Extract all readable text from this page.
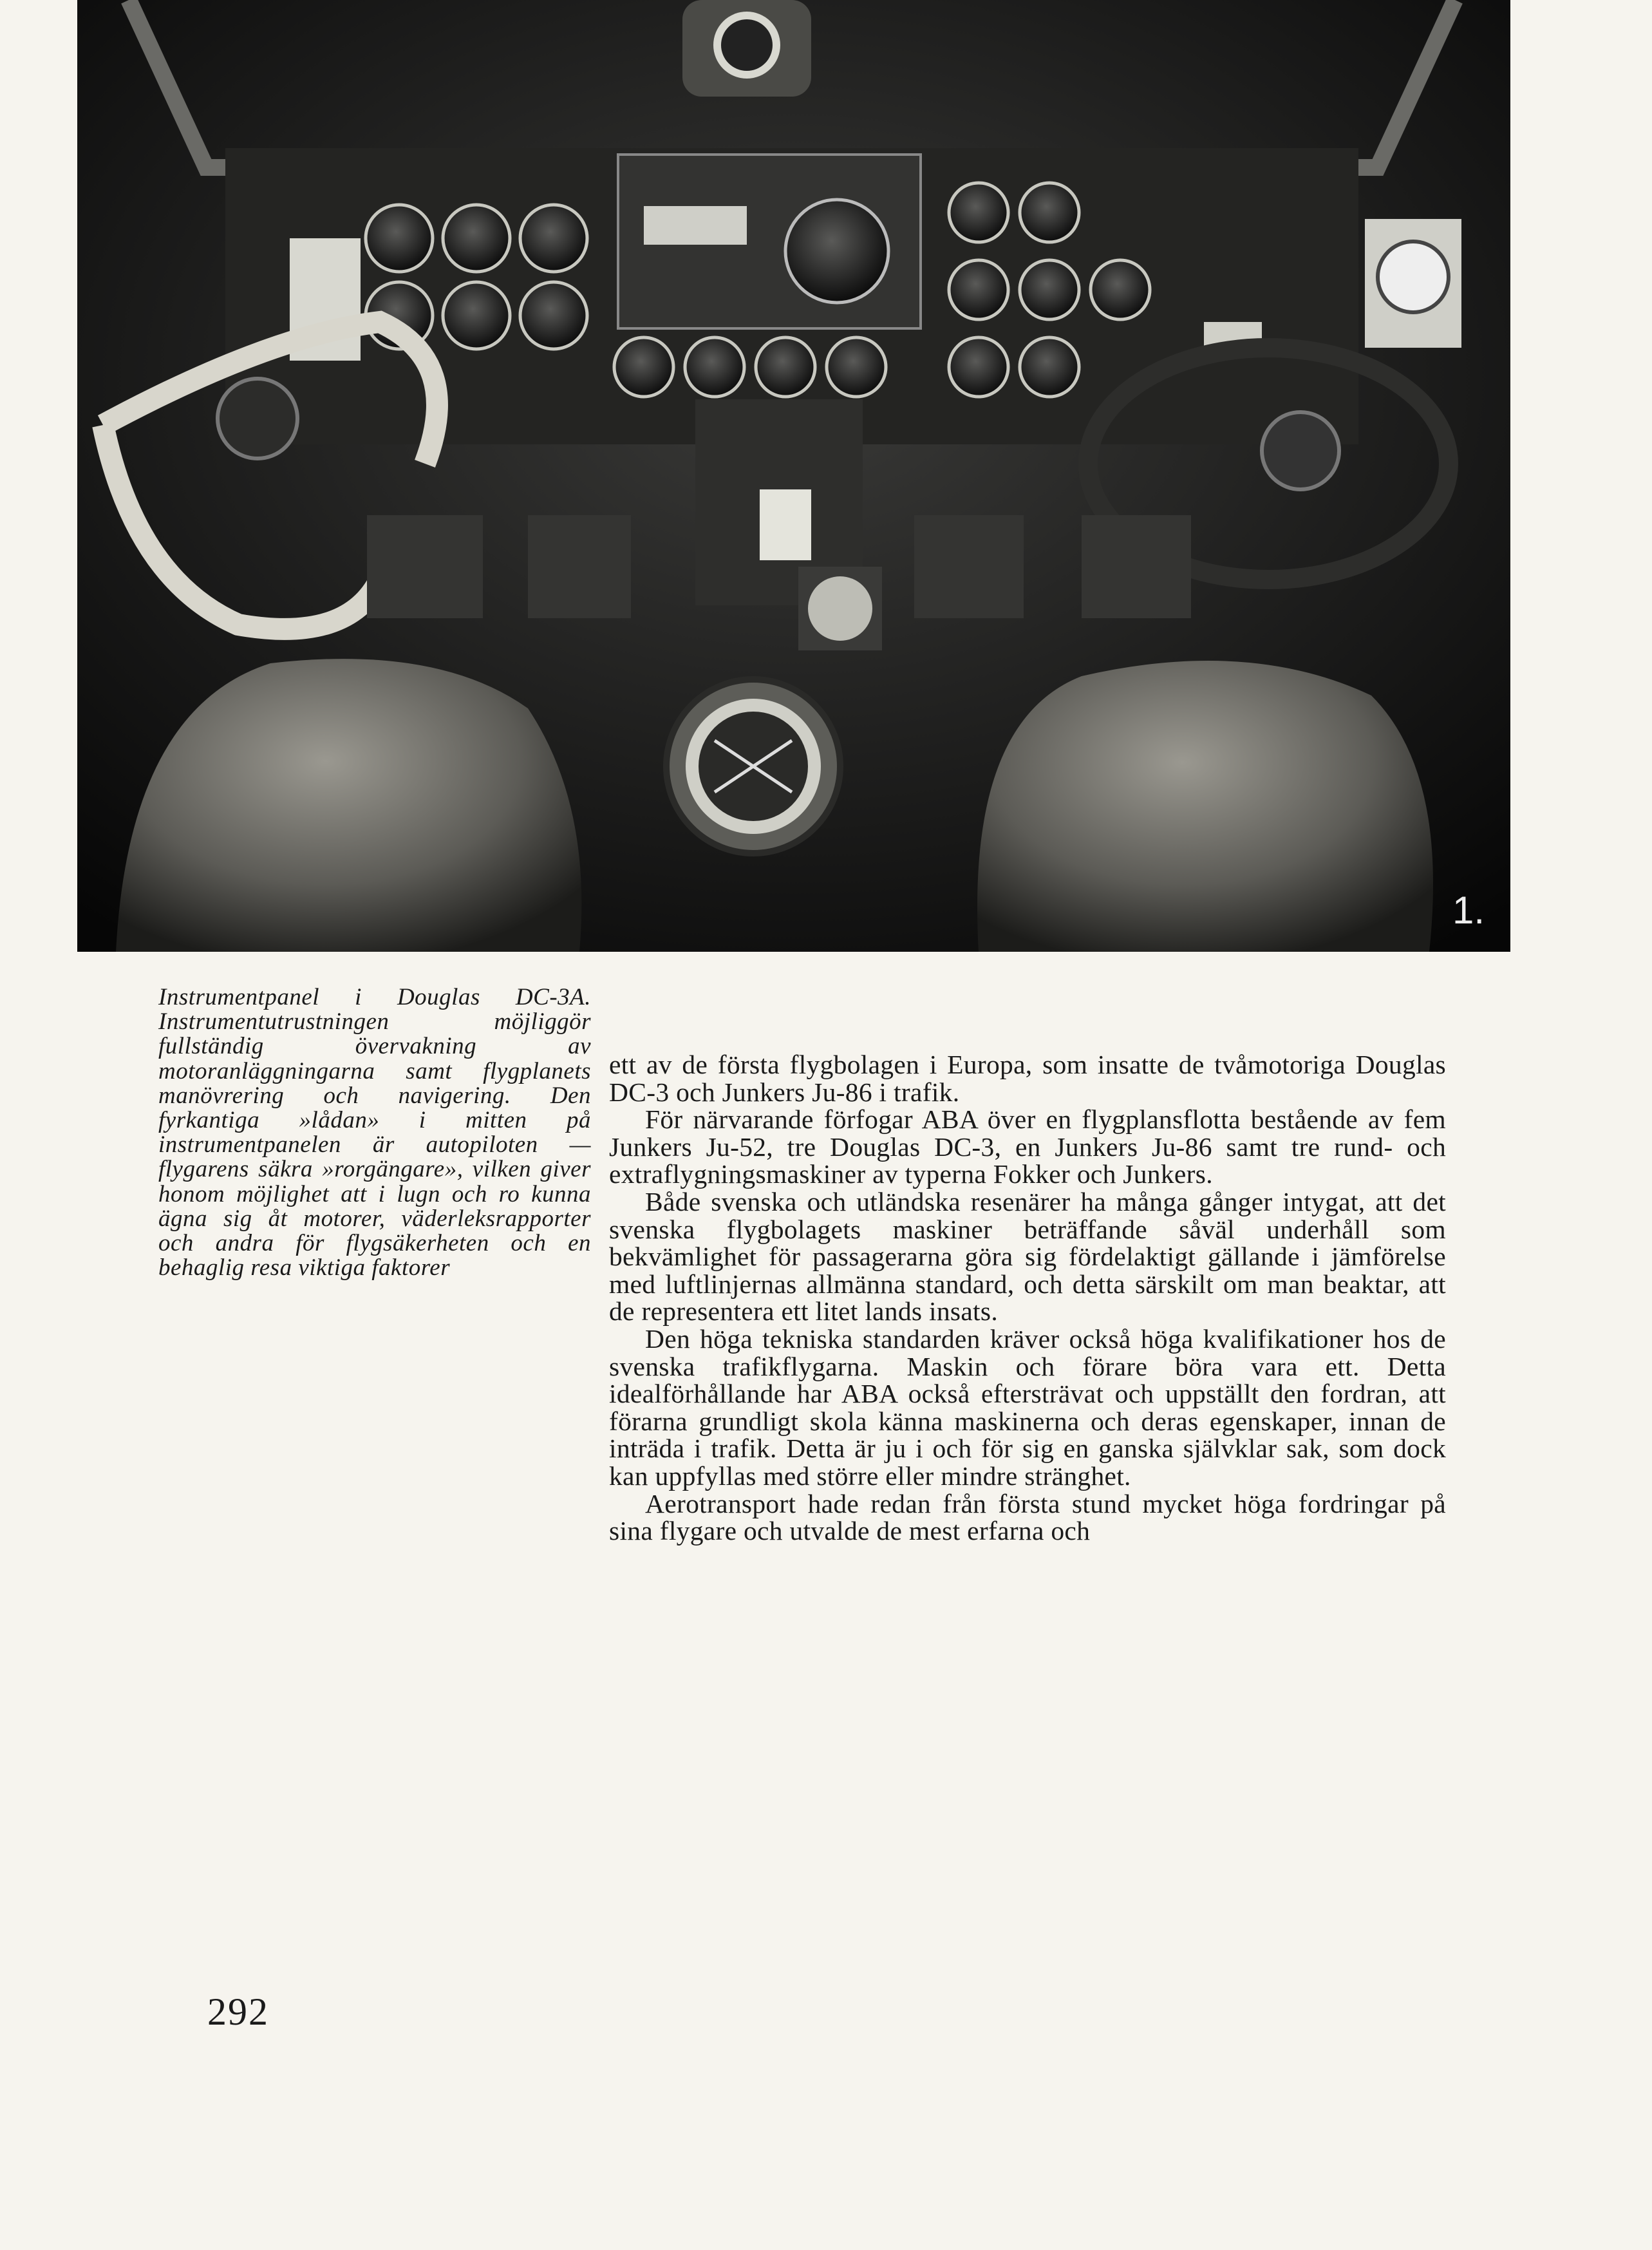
1.

Instrumentpanel i Douglas DC-3A. Instrumentutrustningen möjliggör fullständig övervakning av motoranläggningarna samt flygplanets manövrering och navigering. Den fyrkantiga »lådan» i mitten på instrumentpanelen är autopiloten — flygarens säkra »rorgängare», vilken giver honom möjlighet att i lugn och ro kunna ägna sig åt motorer, väderleksrapporter och andra för flygsäkerheten och en behaglig resa viktiga faktorer

ett av de första flygbolagen i Europa, som insatte de tvåmotoriga Douglas DC-3 och Junkers Ju-86 i trafik.

För närvarande förfogar ABA över en flygplansflotta bestående av fem Junkers Ju-52, tre Douglas DC-3, en Junkers Ju-86 samt tre rund- och extraflygningsmaskiner av typerna Fokker och Junkers.

Både svenska och utländska resenärer ha många gånger intygat, att det svenska flygbolagets maskiner beträffande såväl underhåll som bekvämlighet för passagerarna göra sig fördelaktigt gällande i jämförelse med luftlinjernas allmänna standard, och detta särskilt om man beaktar, att de representera ett litet lands insats.

Den höga tekniska standarden kräver också höga kvalifikationer hos de svenska trafikflygarna. Maskin och förare böra vara ett. Detta idealförhållande har ABA också eftersträvat och uppställt den fordran, att förarna grundligt skola känna maskinerna och deras egenskaper, innan de inträda i trafik. Detta är ju i och för sig en ganska självklar sak, som dock kan uppfyllas med större eller mindre stränghet.

Aerotransport hade redan från första stund mycket höga fordringar på sina flygare och utvalde de mest erfarna och

292
